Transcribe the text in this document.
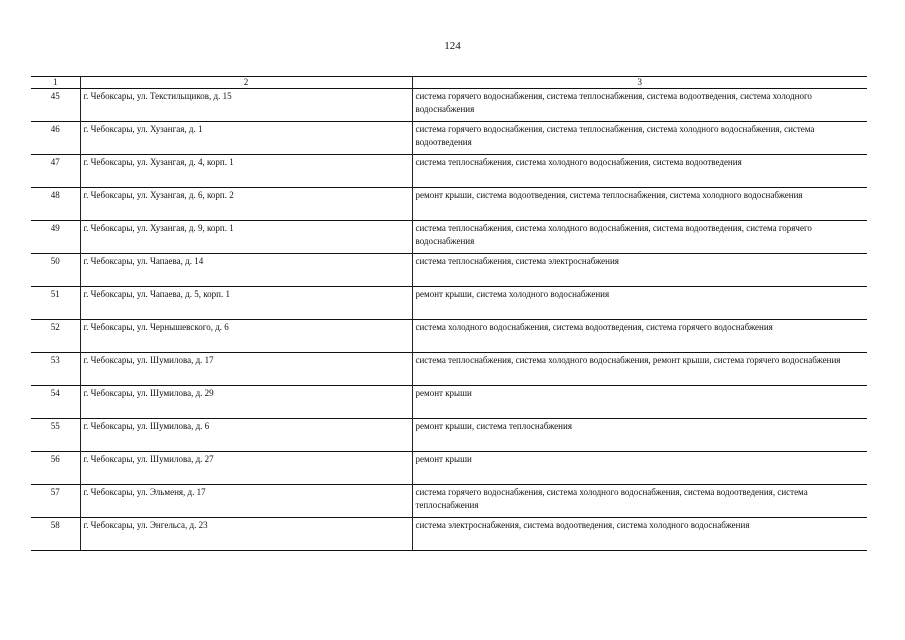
124
1	2	3
45	г. Чебоксары, ул. Текстильщиков, д. 15	система горячего водоснабжения, система теплоснабжения, система водоотведения, система холодного водоснабжения
46	г. Чебоксары, ул. Хузангая, д. 1	система горячего водоснабжения, система теплоснабжения, система холодного водоснабжения, система водоотведения
47	г. Чебоксары, ул. Хузангая, д. 4, корп. 1	система теплоснабжения, система холодного водоснабжения, система водоотведения
48	г. Чебоксары, ул. Хузангая, д. 6, корп. 2	ремонт крыши, система водоотведения, система теплоснабжения, система холодного водоснабжения
49	г. Чебоксары, ул. Хузангая, д. 9, корп. 1	система теплоснабжения, система холодного водоснабжения, система водоотведения, система горячего водоснабжения
50	г. Чебоксары, ул. Чапаева, д. 14	система теплоснабжения, система электроснабжения
51	г. Чебоксары, ул. Чапаева, д. 5, корп. 1	ремонт крыши, система холодного водоснабжения
52	г. Чебоксары, ул. Чернышевского, д. 6	система холодного водоснабжения, система водоотведения, система горячего водоснабжения
53	г. Чебоксары, ул. Шумилова, д. 17	система теплоснабжения, система холодного водоснабжения, ремонт крыши, система горячего водоснабжения
54	г. Чебоксары, ул. Шумилова, д. 29	ремонт крыши
55	г. Чебоксары, ул. Шумилова, д. 6	ремонт крыши, система теплоснабжения
56	г. Чебоксары, ул. Шумилова, д. 27	ремонт крыши
57	г. Чебоксары, ул. Эльменя, д. 17	система горячего водоснабжения, система холодного водоснабжения, система водоотведения, система теплоснабжения
58	г. Чебоксары, ул. Энгельса, д. 23	система электроснабжения, система водоотведения, система холодного водоснабжения
